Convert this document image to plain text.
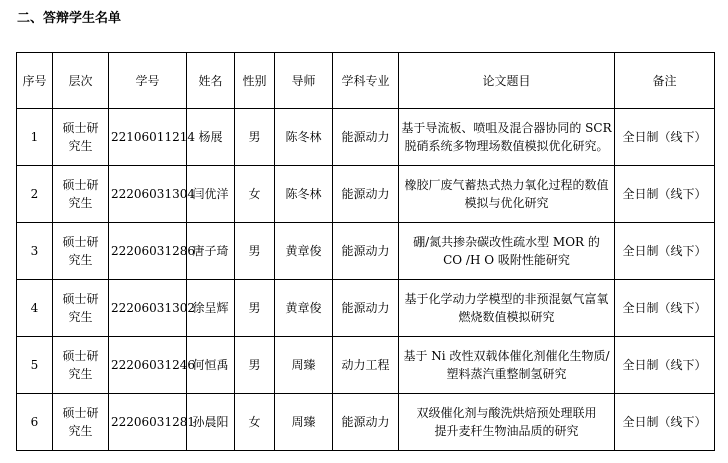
二、答辩学生名单
序号	层次	学号	姓名	性别	导师	学科专业	论文题目	备注
1	硕士研
究生	22106011214	杨展	男	陈冬林	能源动力	基于导流板、喷咀及混合器协同的 SCR
脱硝系统多物理场数值模拟优化研究。	全日制（线下）
2	硕士研
究生	22206031304	闫优洋	女	陈冬林	能源动力	橡胶厂废气蓄热式热力氧化过程的数值
模拟与优化研究	全日制（线下）
3	硕士研
究生	22206031286	唐子琦	男	黄章俊	能源动力	硼/氮共掺杂碳改性疏水型 MOR 的
CO /H O 吸附性能研究	全日制（线下）
4	硕士研
究生	22206031302	徐呈辉	男	黄章俊	能源动力	基于化学动力学模型的非预混氨气富氧
燃烧数值模拟研究	全日制（线下）
5	硕士研
究生	22206031246	何恒禹	男	周臻	动力工程	基于 Ni 改性双载体催化剂催化生物质/
塑料蒸汽重整制氢研究	全日制（线下）
6	硕士研
究生	22206031281	孙晨阳	女	周臻	能源动力	双级催化剂与酸洗烘焙预处理联用
提升麦秆生物油品质的研究	全日制（线下）
